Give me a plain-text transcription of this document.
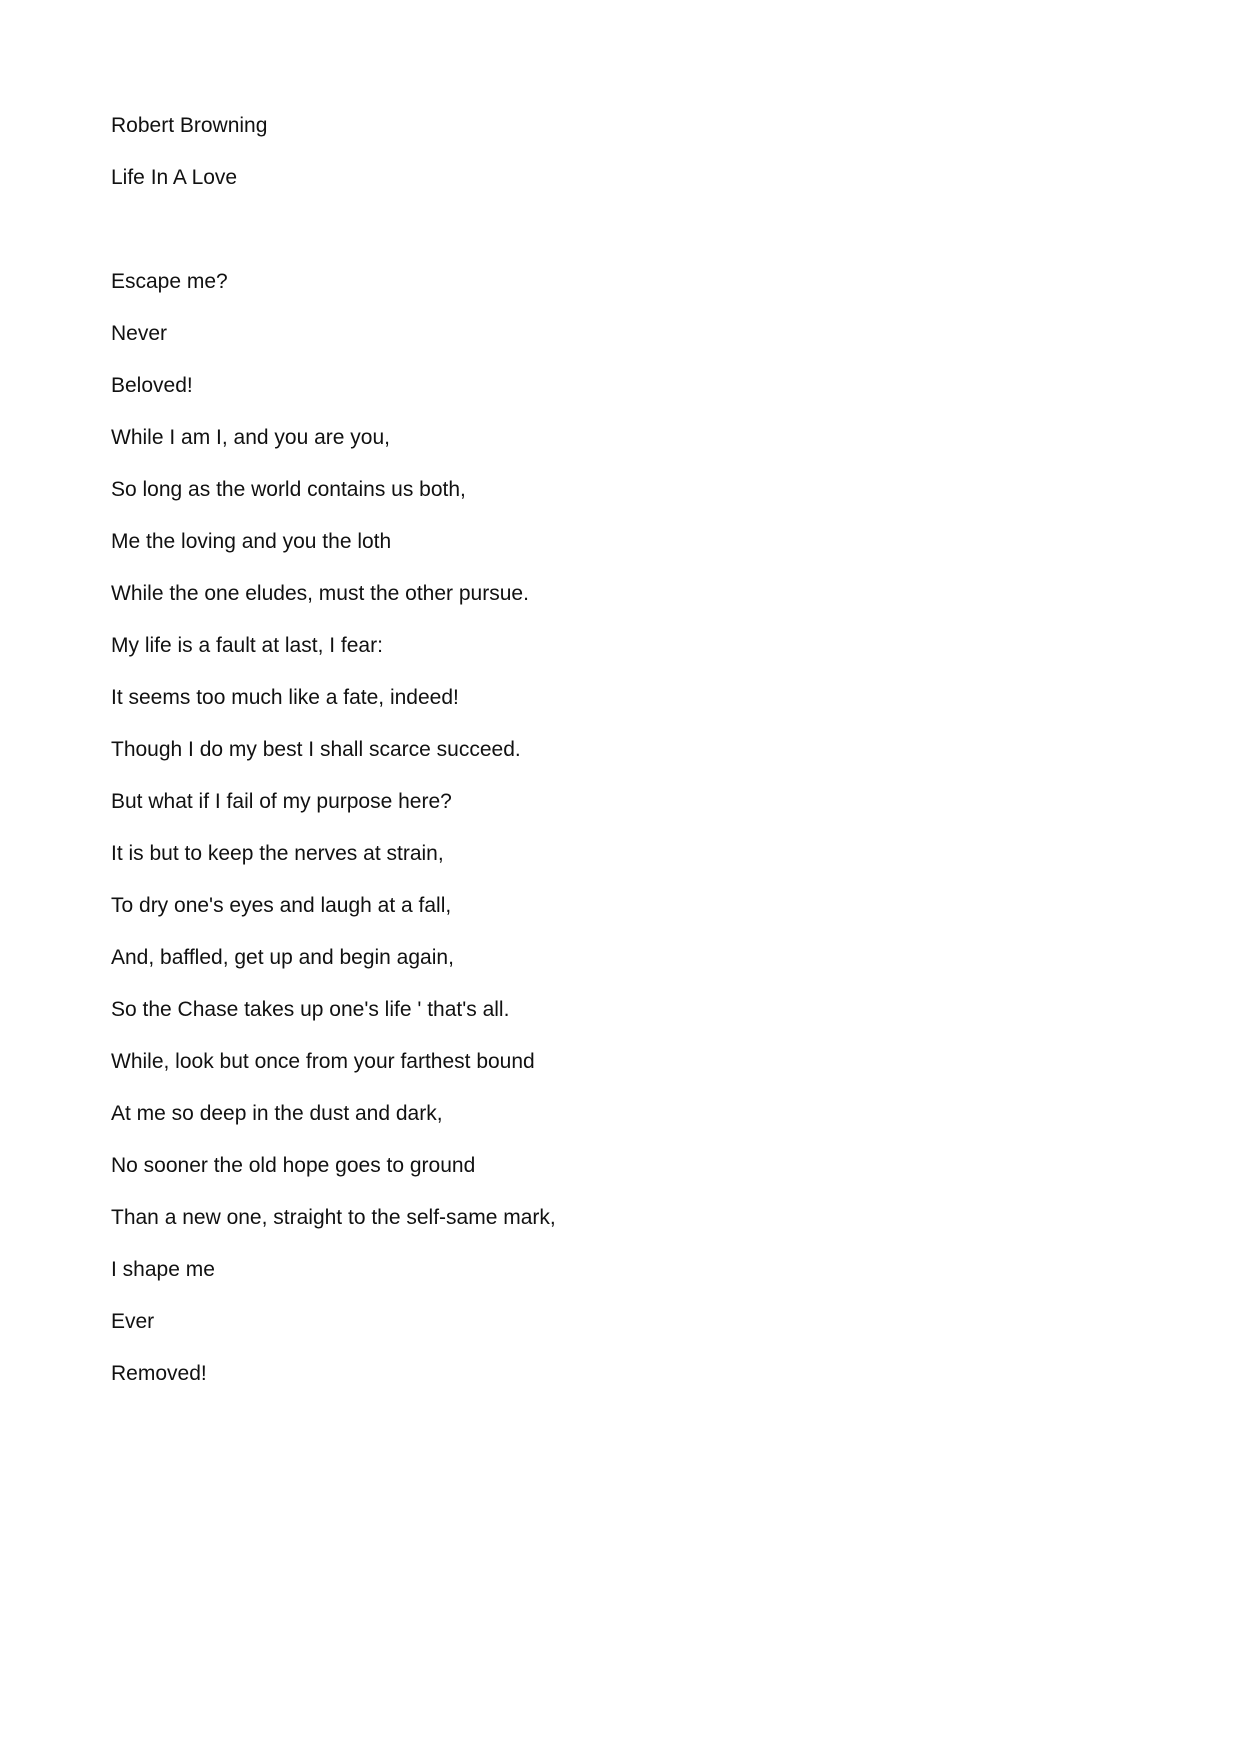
Robert Browning

Life In A Love

Escape me?

Never

Beloved!

While I am I, and you are you,

So long as the world contains us both,

Me the loving and you the loth

While the one eludes, must the other pursue.

My life is a fault at last, I fear:

It seems too much like a fate, indeed!

Though I do my best I shall scarce succeed.

But what if I fail of my purpose here?

It is but to keep the nerves at strain,

To dry one's eyes and laugh at a fall,

And, baffled, get up and begin again,

So the Chase takes up one's life ' that's all.

While, look but once from your farthest bound

At me so deep in the dust and dark,

No sooner the old hope goes to ground

Than a new one, straight to the self-same mark,

I shape me

Ever

Removed!
